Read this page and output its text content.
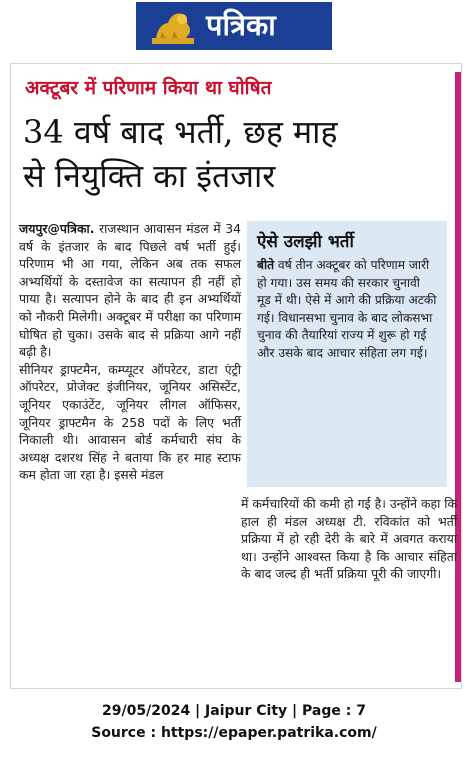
पत्रिका
अक्टूबर में परिणाम किया था घोषित
34 वर्ष बाद भर्ती, छह माह
से नियुक्ति का इंतजार

जयपुर@पत्रिका. राजस्थान आवासन मंडल में 34 वर्ष के इंतजार के बाद पिछले वर्ष भर्ती हुई। परिणाम भी आ गया, लेकिन अब तक सफल अभ्यर्थियों के दस्तावेज का सत्यापन ही नहीं हो पाया है। सत्यापन होने के बाद ही इन अभ्यर्थियों को नौकरी मिलेगी। अक्टूबर में परीक्षा का परिणाम घोषित हो चुका। उसके बाद से प्रक्रिया आगे नहीं बढ़ी है।

सीनियर ड्राफ्टमैन, कम्प्यूटर ऑपरेटर, डाटा एंट्री ऑपरेटर, प्रोजेक्ट इंजीनियर, जूनियर असिस्टेंट, जूनियर एकाउंटेंट, जूनियर लीगल ऑफिसर, जूनियर ड्राफ्टमैन के 258 पदों के लिए भर्ती निकाली थी। आवासन बोर्ड कर्मचारी संघ के अध्यक्ष दशरथ सिंह ने बताया कि हर माह स्टाफ कम होता जा रहा है। इससे मंडल

ऐसे उलझी भर्ती
बीते वर्ष तीन अक्टूबर को परिणाम जारी हो गया। उस समय की सरकार चुनावी मूड में थी। ऐसे में आगे की प्रक्रिया अटकी गई। विधानसभा चुनाव के बाद लोकसभा चुनाव की तैयारियां राज्य में शुरू हो गई और उसके बाद आचार संहिता लग गई।
में कर्मचारियों की कमी हो गई है। उन्होंने कहा कि हाल ही मंडल अध्यक्ष टी. रविकांत को भर्ती प्रक्रिया में हो रही देरी के बारे में अवगत कराया था। उन्होंने आश्वस्त किया है कि आचार संहिता के बाद जल्द ही भर्ती प्रक्रिया पूरी की जाएगी।
29/05/2024 | Jaipur City | Page : 7
Source : https://epaper.patrika.com/
